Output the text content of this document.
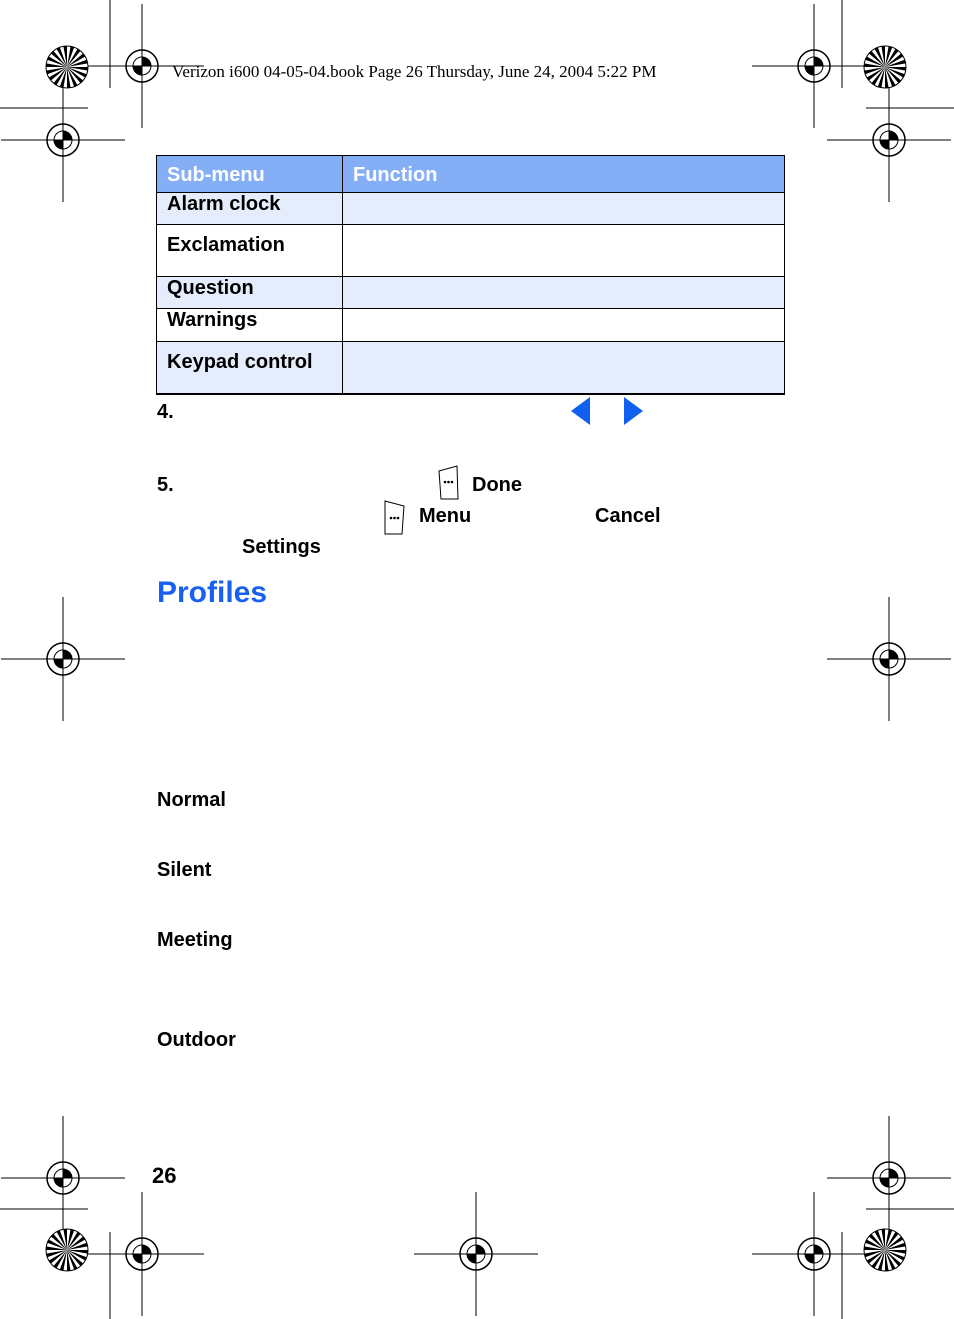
Verizon i600 04-05-04.book Page 26 Thursday, June 24, 2004 5:22 PM
Sub-menu	Function
Alarm clock	
Exclamation	
Question	
Warnings	
Keypad control	
4.
5.	Done
Menu	Cancel
Settings
Profiles
Normal
Silent
Meeting
Outdoor
26
